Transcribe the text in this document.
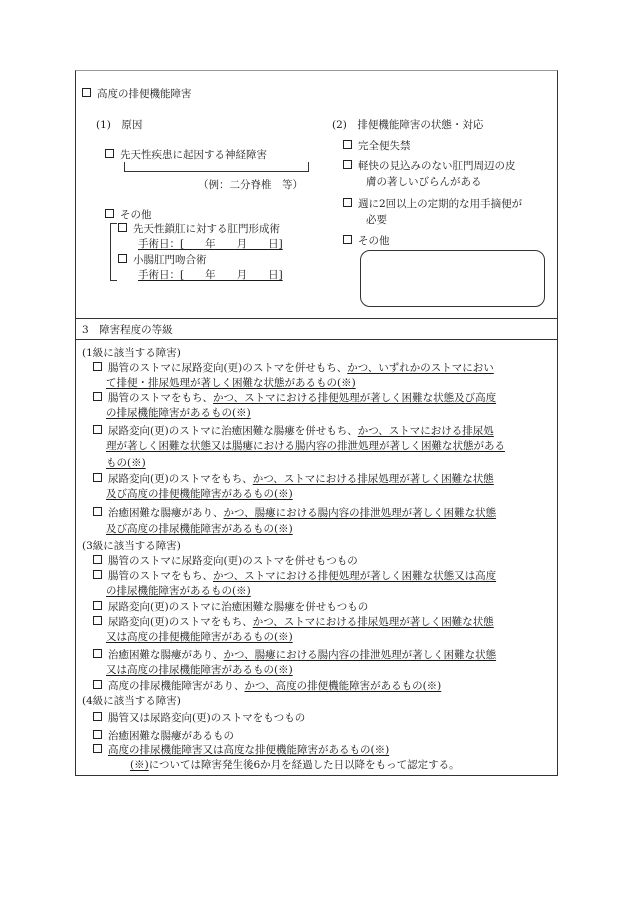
高度の排便機能障害
(1)　原因
先天性疾患に起因する神経障害
（例：二分脊椎　等）
その他
先天性鎖肛に対する肛門形成術
手術日：[　　年　　月　　日]
小腸肛門吻合術
手術日：[　　年　　月　　日]
(2)　排便機能障害の状態・対応
完全便失禁
軽快の見込みのない肛門周辺の皮
膚の著しいびらんがある
週に2回以上の定期的な用手摘便が
必要
その他
3　障害程度の等級
(1級に該当する障害)
腸管のストマに尿路変向(更)のストマを併せもち、かつ、いずれかのストマにおい
て排便・排尿処理が著しく困難な状態があるもの(※)
腸管のストマをもち、かつ、ストマにおける排便処理が著しく困難な状態及び高度
の排尿機能障害があるもの(※)
尿路変向(更)のストマに治癒困難な腸瘻を併せもち、かつ、ストマにおける排尿処
理が著しく困難な状態又は腸瘻における腸内容の排泄処理が著しく困難な状態がある
もの(※)
尿路変向(更)のストマをもち、かつ、ストマにおける排尿処理が著しく困難な状態
及び高度の排便機能障害があるもの(※)
治癒困難な腸瘻があり、かつ、腸瘻における腸内容の排泄処理が著しく困難な状態
及び高度の排尿機能障害があるもの(※)
(3級に該当する障害)
腸管のストマに尿路変向(更)のストマを併せもつもの
腸管のストマをもち、かつ、ストマにおける排便処理が著しく困難な状態又は高度
の排尿機能障害があるもの(※)
尿路変向(更)のストマに治癒困難な腸瘻を併せもつもの
尿路変向(更)のストマをもち、かつ、ストマにおける排尿処理が著しく困難な状態
又は高度の排便機能障害があるもの(※)
治癒困難な腸瘻があり、かつ、腸瘻における腸内容の排泄処理が著しく困難な状態
又は高度の排尿機能障害があるもの(※)
高度の排尿機能障害があり、かつ、高度の排便機能障害があるもの(※)
(4級に該当する障害)
腸管又は尿路変向(更)のストマをもつもの
治癒困難な腸瘻があるもの
高度の排尿機能障害又は高度な排便機能障害があるもの(※)
(※)については障害発生後6か月を経過した日以降をもって認定する。
